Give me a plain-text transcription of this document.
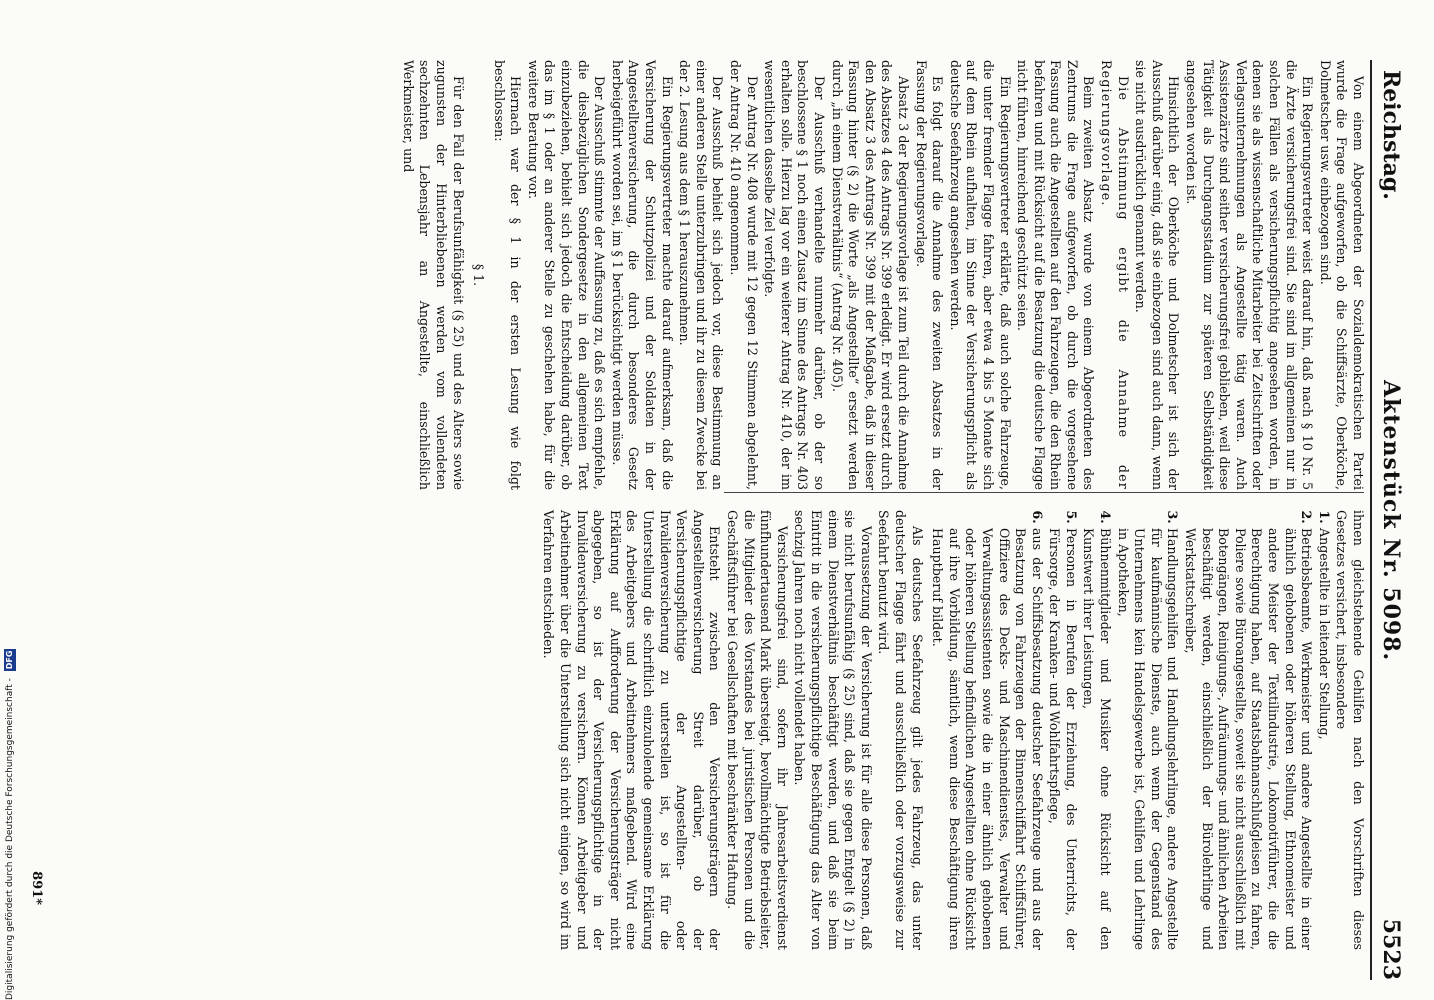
Reichstag.
Aktenstück Nr. 5098.
5523

Von einem Abgeordneten der Sozialdemokratischen Partei wurde die Frage aufgeworfen, ob die Schiffsärzte, Oberköche, Dolmetscher usw. einbezogen sind.

Ein Regierungsvertreter weist darauf hin, daß nach § 10 Nr. 5 die Ärzte versicherungsfrei sind. Sie sind im allgemeinen nur in solchen Fällen als versicherungspflichtig angesehen worden, in denen sie als wissenschaftliche Mitarbeiter bei Zeitschriften oder Verlagsunternehmungen als Angestellte tätig waren. Auch Assistenzärzte sind seither versicherungsfrei geblieben, weil diese Tätigkeit als Durchgangsstadium zur späteren Selbständigkeit angesehen worden ist.

Hinsichtlich der Oberköche und Dolmetscher ist sich der Ausschuß darüber einig, daß sie einbezogen sind auch dann, wenn sie nicht ausdrücklich genannt werden.

Die Abstimmung ergibt die Annahme der Regierungsvorlage.

Beim zweiten Absatz wurde von einem Abgeordneten des Zentrums die Frage aufgeworfen, ob durch die vorgesehene Fassung auch die Angestellten auf den Fahrzeugen, die den Rhein befahren und mit Rücksicht auf die Besatzung die deutsche Flagge nicht führen, hinreichend geschützt seien.

Ein Regierungsvertreter erklärte, daß auch solche Fahrzeuge, die unter fremder Flagge fahren, aber etwa 4 bis 5 Monate sich auf dem Rhein aufhalten, im Sinne der Versicherungspflicht als deutsche Seefahrzeug angesehen werden.

Es folgt darauf die Annahme des zweiten Absatzes in der Fassung der Regierungsvorlage.

Absatz 3 der Regierungsvorlage ist zum Teil durch die Annahme des Absatzes 4 des Antrags Nr. 399 erledigt. Er wird ersetzt durch den Absatz 3 des Antrags Nr. 399 mit der Maßgabe, daß in dieser Fassung hinter (§ 2) die Worte „als Angestellte“ ersetzt werden durch „in einem Dienstverhältnis“ (Antrag Nr. 405).

Der Ausschuß verhandelte nunmehr darüber, ob der so beschlossene § 1 noch einen Zusatz im Sinne des Antrags Nr. 403 erhalten solle. Hierzu lag vor ein weiterer Antrag Nr. 410, der im wesentlichen dasselbe Ziel verfolgte.

Der Antrag Nr. 408 wurde mit 12 gegen 12 Stimmen abgelehnt, der Antrag Nr. 410 angenommen.

Der Ausschuß behielt sich jedoch vor, diese Bestimmung an einer anderen Stelle unterzubringen und ihr zu diesem Zwecke bei der 2. Lesung aus dem § 1 herauszunehmen.

Ein Regierungsvertreter machte darauf aufmerksam, daß die Versicherung der Schutzpolizei und der Soldaten in der Angestelltenversicherung, die durch besonderes Gesetz herbeigeführt worden sei, im § 1 berücksichtigt werden müsse.

Der Ausschuß stimmte der Auffassung zu, daß es sich empfehle, die diesbezüglichen Sondergesetze in den allgemeinen Text einzubeziehen, behielt sich jedoch die Entscheidung darüber, ob das im § 1 oder an anderer Stelle zu geschehen habe, für die weitere Beratung vor.

Hiernach war der § 1 in der ersten Lesung wie folgt beschlossen:

§ 1.

Für den Fall der Berufsunfähigkeit (§ 25) und des Alters sowie zugunsten der Hinterbliebenen werden vom vollendeten sechzehnten Lebensjahr an Angestellte, einschließlich Werkmeister, und

ihnen gleichstehende Gehilfen nach den Vorschriften dieses Gesetzes versichert, insbesondere

1. Angestellte in leitender Stellung,
2. Betriebsbeamte, Werkmeister und andere Angestellte in einer ähnlich gehobenen oder höheren Stellung, Ethnomeister und andere Meister der Textilindustrie, Lokomotivführer, die die Berechtigung haben, auf Staatsbahnanschlußgleisen zu fahren, Poliere sowie Büroangestellte, soweit sie nicht ausschließlich mit Botengängen, Reinigungs-, Aufräumungs- und ähnlichen Arbeiten beschäftigt werden, einschließlich der Bürolehrlinge und Werkstattschreiber,
3. Handlungsgehilfen und Handlungslehrlinge, andere Angestellte für kaufmännische Dienste, auch wenn der Gegenstand des Unternehmens kein Handelsgewerbe ist, Gehilfen und Lehrlinge in Apotheken,
4. Bühnenmitglieder und Musiker ohne Rücksicht auf den Kunstwert ihrer Leistungen,
5. Personen in Berufen der Erziehung, des Unterrichts, der Fürsorge, der Kranken- und Wohlfahrtspflege,
6. aus der Schiffsbesatzung deutscher Seefahrzeuge und aus der Besatzung von Fahrzeugen der Binnenschiffahrt Schiffsführer, Offiziere des Decks- und Maschinendienstes, Verwalter und Verwaltungsassistenten sowie die in einer ähnlich gehobenen oder höheren Stellung befindlichen Angestellten ohne Rücksicht auf ihre Vorbildung, sämtlich, wenn diese Beschäftigung ihren Hauptberuf bildet.

Als deutsches Seefahrzeug gilt jedes Fahrzeug, das unter deutscher Flagge fährt und ausschließlich oder vorzugsweise zur Seefahrt benutzt wird.

Voraussetzung der Versicherung ist für alle diese Personen, daß sie nicht berufsunfähig (§ 25) sind, daß sie gegen Entgelt (§ 2) in einem Dienstverhältnis beschäftigt werden, und daß sie beim Eintritt in die versicherungspflichtige Beschäftigung das Alter von sechzig Jahren noch nicht vollendet haben.

Versicherungsfrei sind, sofern ihr Jahresarbeitsverdienst fünfhundertausend Mark übersteigt, bevollmächtigte Betriebsleiter, die Mitglieder des Vorstandes bei juristischen Personen und die Geschäftsführer bei Gesellschaften mit beschränkter Haftung.

Entsteht zwischen den Versicherungsträgern der Angestelltenversicherung Streit darüber, ob der Versicherungspflichtige der Angestellten- oder Invalidenversicherung zu unterstellen ist, so ist für die Unterstellung die schriftlich einzuholende gemeinsame Erklärung des Arbeitgebers und Arbeitnehmers maßgebend. Wird eine Erklärung auf Aufforderung der Versicherungsträger nicht abgegeben, so ist der Versicherungspflichtige in der Invalidenversicherung zu versichern. Können Arbeitgeber und Arbeitnehmer über die Unterstellung sich nicht einigen, so wird im Verfahren entschieden.

891*
Digitalisierung gefördert durch die Deutsche Forschungsgemeinschaft - DFG
